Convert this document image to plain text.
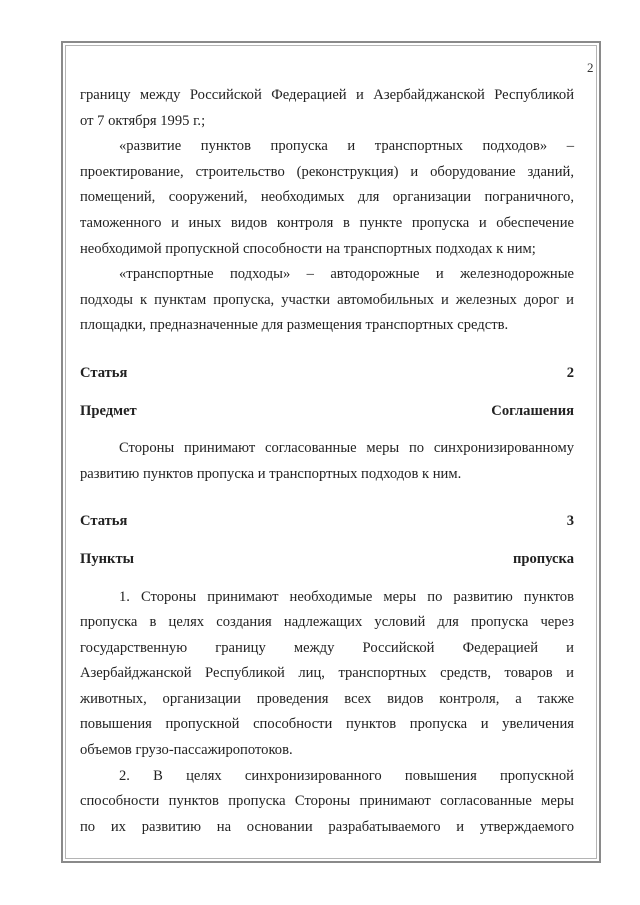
2

границу между Российской Федерацией и Азербайджанской Республикой

от 7 октября 1995 г.;

«развитие пунктов пропуска и транспортных подходов» –

проектирование, строительство (реконструкция) и оборудование зданий,

помещений, сооружений, необходимых для организации пограничного,

таможенного и иных видов контроля в пункте пропуска и обеспечение

необходимой пропускной способности на транспортных подходах к ним;

«транспортные подходы» – автодорожные и железнодорожные

подходы к пунктам пропуска, участки автомобильных и железных дорог и

площадки, предназначенные для размещения транспортных средств.

Статья 2

Предмет Соглашения

Стороны принимают согласованные меры по синхронизированному

развитию пунктов пропуска и транспортных подходов к ним.

Статья 3

Пункты пропуска

1. Стороны принимают необходимые меры по развитию пунктов

пропуска в целях создания надлежащих условий для пропуска через

государственную границу между Российской Федерацией и

Азербайджанской Республикой лиц, транспортных средств, товаров и

животных, организации проведения всех видов контроля, а также

повышения пропускной способности пунктов пропуска и увеличения

объемов грузо-пассажиропотоков.

2. В целях синхронизированного повышения пропускной

способности пунктов пропуска Стороны принимают согласованные меры

по их развитию на основании разрабатываемого и утверждаемого
